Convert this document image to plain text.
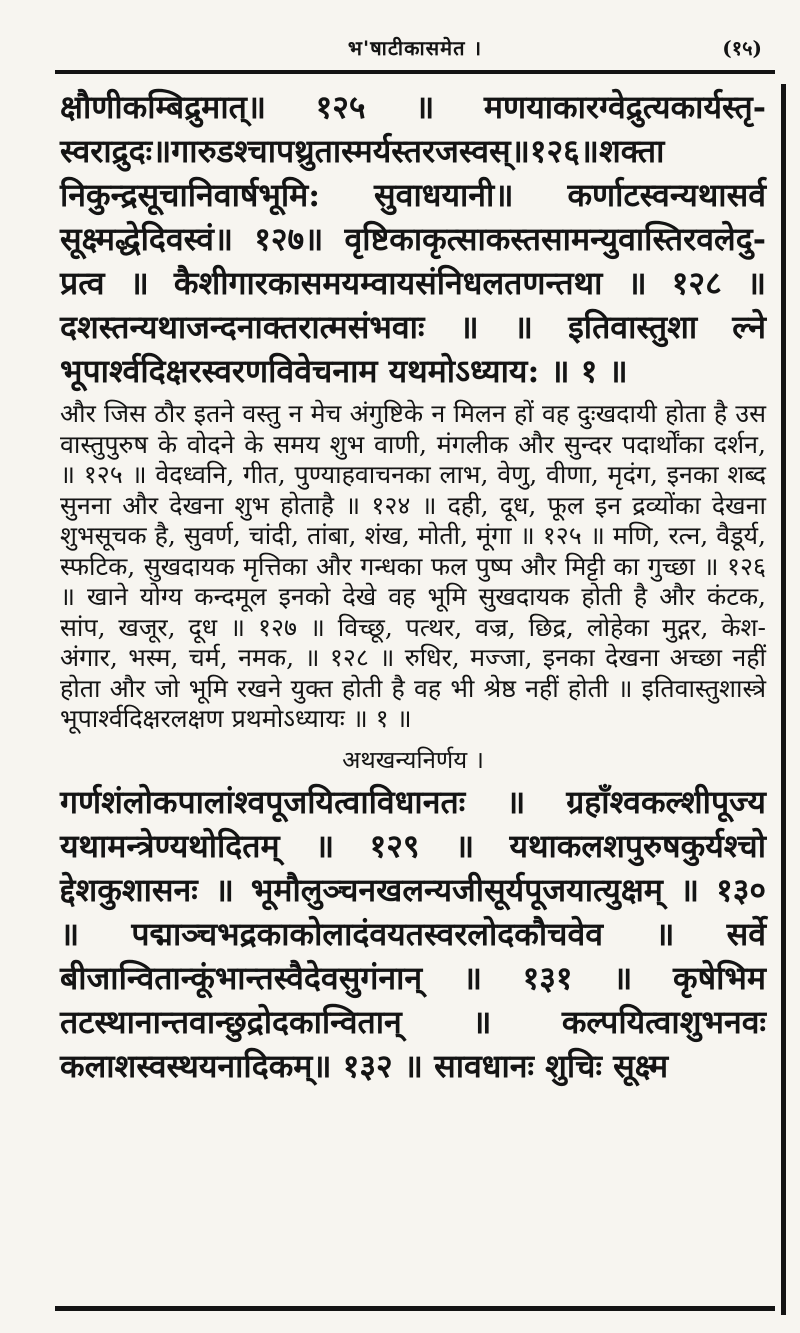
भ'षाटीकासमेत ।	(१५)

क्षौणीकम्बिद्रुमात्॥ १२५ ॥ मणयाकारग्वेद्रुत्यकार्यस्तृ- स्वराद्रुदः॥गारुडश्चापथ्रुतास्मर्यस्तरजस्वस्॥१२६॥शक्ता निकुन्द्रसूचानिवार्षभूमि: सुवाधयानी॥ कर्णाटस्वन्यथासर्व सूक्ष्मद्धेदिवस्वं॥ १२७॥ वृष्टिकाकृत्साकस्तसामन्युवास्तिरवलेदु- प्रत्व ॥ कैशीगारकासमयम्वायसंनिधलतणन्तथा ॥ १२८ ॥ दशस्तन्यथाजन्दनाक्तरात्मसंभवाः ॥ ॥ इतिवास्तुशा ल्ने भूपार्श्वदिक्षरस्वरणविवेचनाम यथमोऽध्याय: ॥ १ ॥

और जिस ठौर इतने वस्तु न मेच अंगुष्टिके न मिलन हों वह दुःखदायी होता है उस वास्तुपुरुष के वोदने के समय शुभ वाणी, मंगलीक और सुन्दर पदार्थोंका दर्शन, ॥ १२५ ॥ वेदध्वनि, गीत, पुण्याहवाचनका लाभ, वेणु, वीणा, मृदंग, इनका शब्द सुनना और देखना शुभ होताहै ॥ १२४ ॥ दही, दूध, फूल इन द्रव्योंका देखना शुभसूचक है, सुवर्ण, चांदी, तांबा, शंख, मोती, मूंगा ॥ १२५ ॥ मणि, रत्न, वैडूर्य, स्फटिक, सुखदायक मृत्तिका और गन्धका फल पुष्प और मिट्टी का गुच्छा ॥ १२६ ॥ खाने योग्य कन्दमूल इनको देखे वह भूमि सुखदायक होती है और कंटक, सांप, खजूर, दूध ॥ १२७ ॥ विच्छू, पत्थर, वज्र, छिद्र, लोहेका मुद्गर, केश- अंगार, भस्म, चर्म, नमक, ॥ १२८ ॥ रुधिर, मज्जा, इनका देखना अच्छा नहीं होता और जो भूमि रखने युक्त होती है वह भी श्रेष्ठ नहीं होती ॥ इतिवास्तुशास्त्रे भूपार्श्वदिक्षरलक्षण प्रथमोऽध्यायः ॥ १ ॥

अथखन्यनिर्णय ।

गर्णशंलोकपालांश्वपूजयित्वाविधानतः ॥ ग्रहाँश्वकल्शीपूज्य यथामन्त्रेण्यथोदितम् ॥ १२९ ॥ यथाकलशपुरुषकुर्यश्चो द्देशकुशासनः ॥ भूमौलुञ्चनखलन्यजीसूर्यपूजयात्युक्षम् ॥ १३० ॥ पद्माञ्चभद्रकाकोलादंवयतस्वरलोदकौचवेव ॥ सर्वे बीजान्वितान्कूंभान्तस्वैदेवसुगंनान् ॥ १३१ ॥ कृषेभिम तटस्थानान्तवान्छुद्रोदकान्वितान् ॥ कल्पयित्वाशुभनवः कलाशस्वस्थयनादिकम्॥ १३२ ॥ सावधानः शुचिः सूक्ष्म
